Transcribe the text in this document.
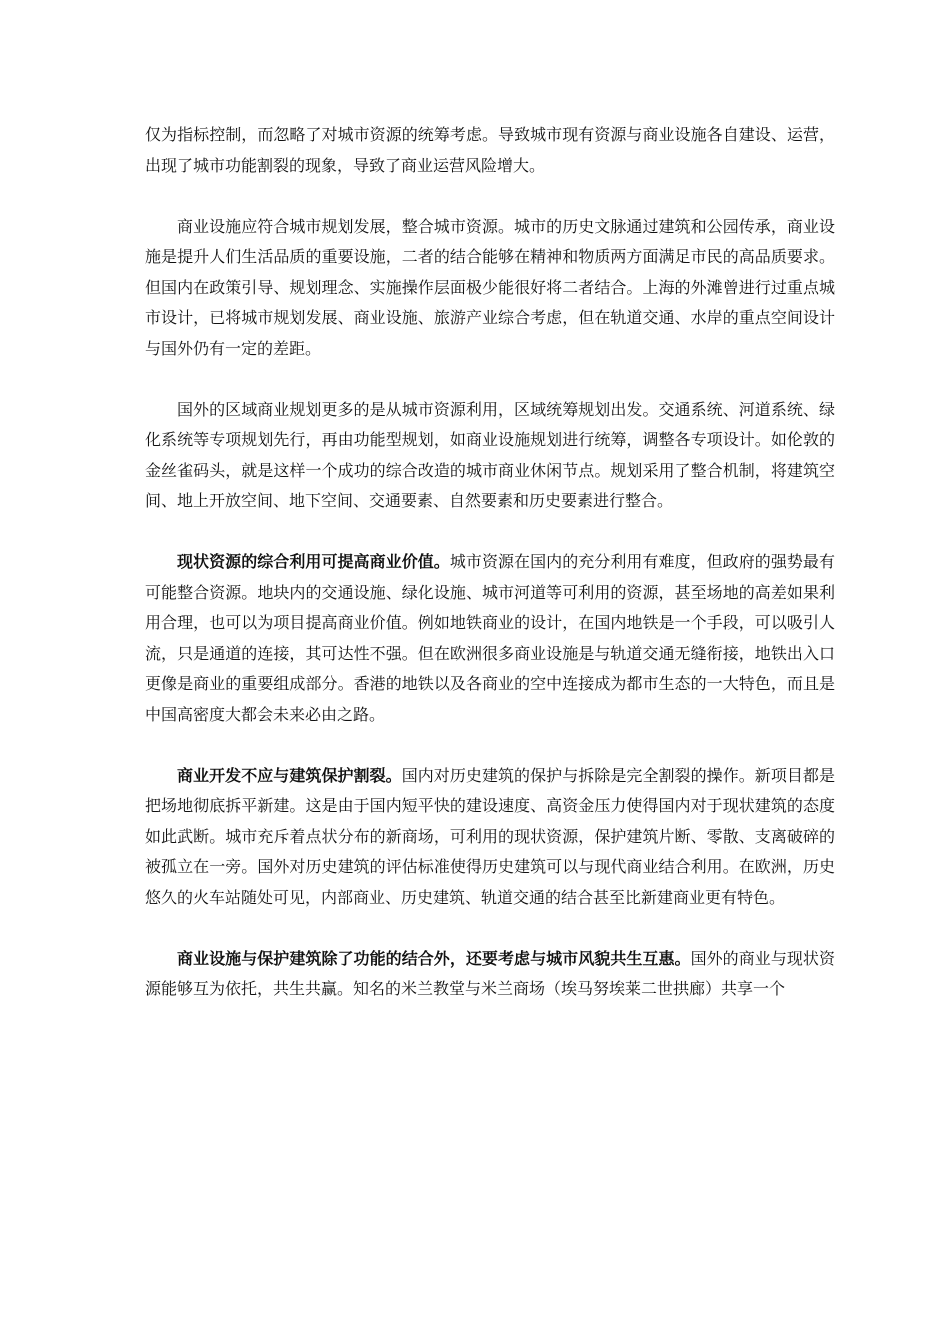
仅为指标控制，而忽略了对城市资源的统筹考虑。导致城市现有资源与商业设施各自建设、运营，出现了城市功能割裂的现象，导致了商业运营风险增大。

商业设施应符合城市规划发展，整合城市资源。城市的历史文脉通过建筑和公园传承，商业设施是提升人们生活品质的重要设施，二者的结合能够在精神和物质两方面满足市民的高品质要求。但国内在政策引导、规划理念、实施操作层面极少能很好将二者结合。上海的外滩曾进行过重点城市设计，已将城市规划发展、商业设施、旅游产业综合考虑，但在轨道交通、水岸的重点空间设计与国外仍有一定的差距。

国外的区域商业规划更多的是从城市资源利用，区域统筹规划出发。交通系统、河道系统、绿化系统等专项规划先行，再由功能型规划，如商业设施规划进行统筹，调整各专项设计。如伦敦的金丝雀码头，就是这样一个成功的综合改造的城市商业休闲节点。规划采用了整合机制，将建筑空间、地上开放空间、地下空间、交通要素、自然要素和历史要素进行整合。

现状资源的综合利用可提高商业价值。城市资源在国内的充分利用有难度，但政府的强势最有可能整合资源。地块内的交通设施、绿化设施、城市河道等可利用的资源，甚至场地的高差如果利用合理，也可以为项目提高商业价值。例如地铁商业的设计，在国内地铁是一个手段，可以吸引人流，只是通道的连接，其可达性不强。但在欧洲很多商业设施是与轨道交通无缝衔接，地铁出入口更像是商业的重要组成部分。香港的地铁以及各商业的空中连接成为都市生态的一大特色，而且是中国高密度大都会未来必由之路。

商业开发不应与建筑保护割裂。国内对历史建筑的保护与拆除是完全割裂的操作。新项目都是把场地彻底拆平新建。这是由于国内短平快的建设速度、高资金压力使得国内对于现状建筑的态度如此武断。城市充斥着点状分布的新商场，可利用的现状资源，保护建筑片断、零散、支离破碎的被孤立在一旁。国外对历史建筑的评估标准使得历史建筑可以与现代商业结合利用。在欧洲，历史悠久的火车站随处可见，内部商业、历史建筑、轨道交通的结合甚至比新建商业更有特色。

商业设施与保护建筑除了功能的结合外，还要考虑与城市风貌共生互惠。国外的商业与现状资源能够互为依托，共生共赢。知名的米兰教堂与米兰商场（埃马努埃莱二世拱廊）共享一个
